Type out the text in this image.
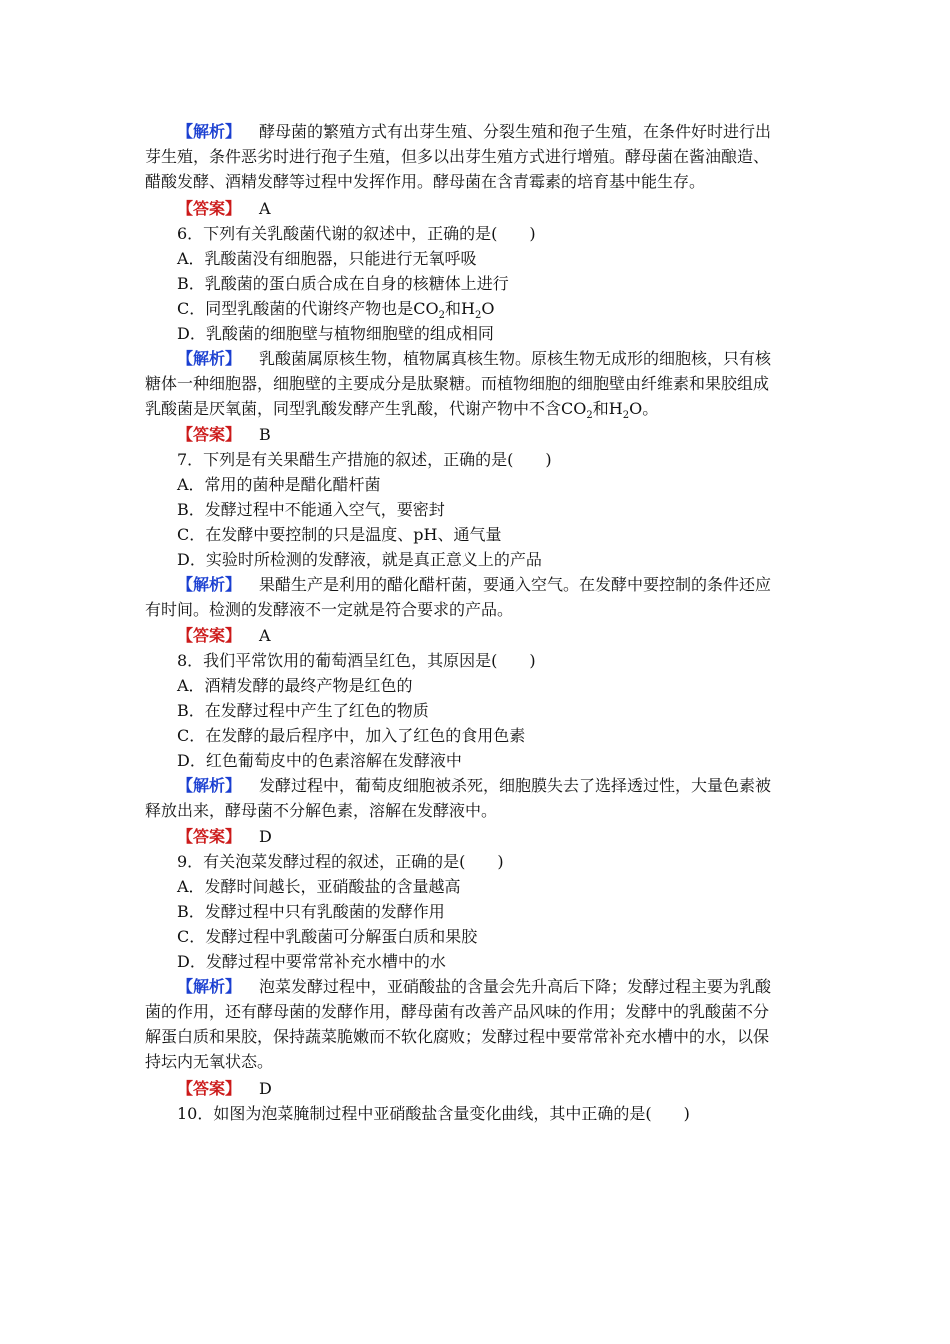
【解析】 酵母菌的繁殖方式有出芽生殖、分裂生殖和孢子生殖，在条件好时进行出
芽生殖，条件恶劣时进行孢子生殖，但多以出芽生殖方式进行增殖。酵母菌在酱油酿造、
醋酸发酵、酒精发酵等过程中发挥作用。酵母菌在含青霉素的培育基中能生存。
【答案】 A
6．下列有关乳酸菌代谢的叙述中，正确的是(　　)
A．乳酸菌没有细胞器，只能进行无氧呼吸
B．乳酸菌的蛋白质合成在自身的核糖体上进行
C．同型乳酸菌的代谢终产物也是$CO_2$和$H_2O$
D．乳酸菌的细胞壁与植物细胞壁的组成相同
【解析】 乳酸菌属原核生物，植物属真核生物。原核生物无成形的细胞核，只有核
糖体一种细胞器，细胞壁的主要成分是肽聚糖。而植物细胞的细胞壁由纤维素和果胶组成
乳酸菌是厌氧菌，同型乳酸发酵产生乳酸，代谢产物中不含$CO_2$和$H_2O$。
【答案】 B
7．下列是有关果醋生产措施的叙述，正确的是(　　)
A．常用的菌种是醋化醋杆菌
B．发酵过程中不能通入空气，要密封
C．在发酵中要控制的只是温度、pH、通气量
D．实验时所检测的发酵液，就是真正意义上的产品
【解析】 果醋生产是利用的醋化醋杆菌，要通入空气。在发酵中要控制的条件还应
有时间。检测的发酵液不一定就是符合要求的产品。
【答案】 A
8．我们平常饮用的葡萄酒呈红色，其原因是(　　)
A．酒精发酵的最终产物是红色的
B．在发酵过程中产生了红色的物质
C．在发酵的最后程序中，加入了红色的食用色素
D．红色葡萄皮中的色素溶解在发酵液中
【解析】 发酵过程中，葡萄皮细胞被杀死，细胞膜失去了选择透过性，大量色素被
释放出来，酵母菌不分解色素，溶解在发酵液中。
【答案】 D
9．有关泡菜发酵过程的叙述，正确的是(　　)
A．发酵时间越长，亚硝酸盐的含量越高
B．发酵过程中只有乳酸菌的发酵作用
C．发酵过程中乳酸菌可分解蛋白质和果胶
D．发酵过程中要常常补充水槽中的水
【解析】 泡菜发酵过程中，亚硝酸盐的含量会先升高后下降；发酵过程主要为乳酸
菌的作用，还有酵母菌的发酵作用，酵母菌有改善产品风味的作用；发酵中的乳酸菌不分
解蛋白质和果胶，保持蔬菜脆嫩而不软化腐败；发酵过程中要常常补充水槽中的水，以保
持坛内无氧状态。
【答案】 D
10．如图为泡菜腌制过程中亚硝酸盐含量变化曲线，其中正确的是(　　)
